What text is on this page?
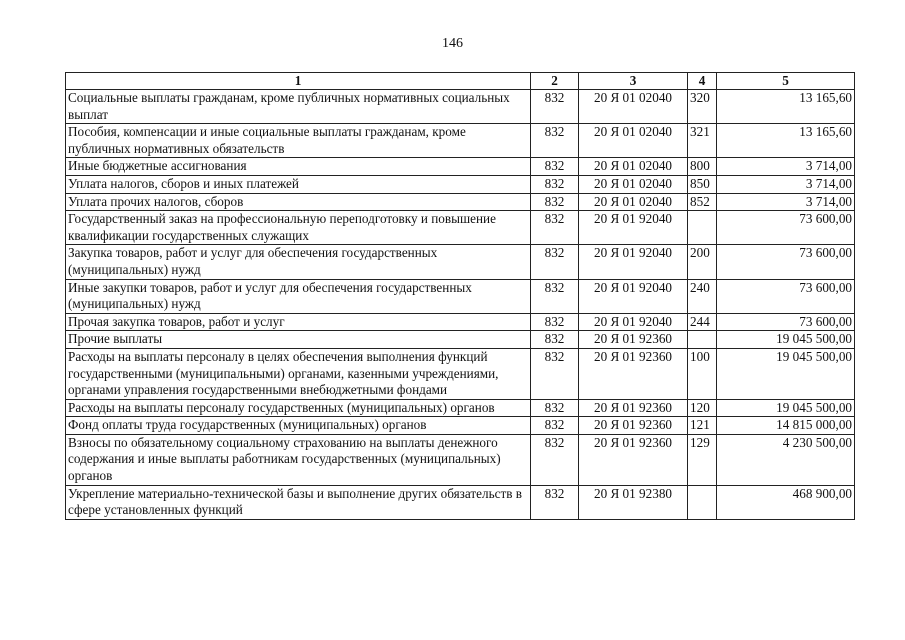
146
1	2	3	4	5
Социальные выплаты гражданам, кроме публичных нормативных социальных выплат	832	20 Я 01 02040	320	13 165,60
Пособия, компенсации и иные социальные выплаты гражданам, кроме публичных нормативных обязательств	832	20 Я 01 02040	321	13 165,60
Иные бюджетные ассигнования	832	20 Я 01 02040	800	3 714,00
Уплата налогов, сборов и иных платежей	832	20 Я 01 02040	850	3 714,00
Уплата прочих налогов, сборов	832	20 Я 01 02040	852	3 714,00
Государственный заказ на профессиональную переподготовку и повышение квалификации государственных служащих	832	20 Я 01 92040		73 600,00
Закупка товаров, работ и услуг для обеспечения государственных (муниципальных) нужд	832	20 Я 01 92040	200	73 600,00
Иные закупки товаров, работ и услуг для обеспечения государственных (муниципальных) нужд	832	20 Я 01 92040	240	73 600,00
Прочая закупка товаров, работ и услуг	832	20 Я 01 92040	244	73 600,00
Прочие выплаты	832	20 Я 01 92360		19 045 500,00
Расходы на выплаты персоналу в целях обеспечения выполнения функций государственными (муниципальными) органами, казенными учреждениями, органами управления государственными внебюджетными фондами	832	20 Я 01 92360	100	19 045 500,00
Расходы на выплаты персоналу государственных (муниципальных) органов	832	20 Я 01 92360	120	19 045 500,00
Фонд оплаты труда государственных (муниципальных) органов	832	20 Я 01 92360	121	14 815 000,00
Взносы по обязательному социальному страхованию на выплаты денежного содержания и иные выплаты работникам государственных (муниципальных) органов	832	20 Я 01 92360	129	4 230 500,00
Укрепление материально-технической базы и выполнение других обязательств в сфере установленных функций	832	20 Я 01 92380		468 900,00
